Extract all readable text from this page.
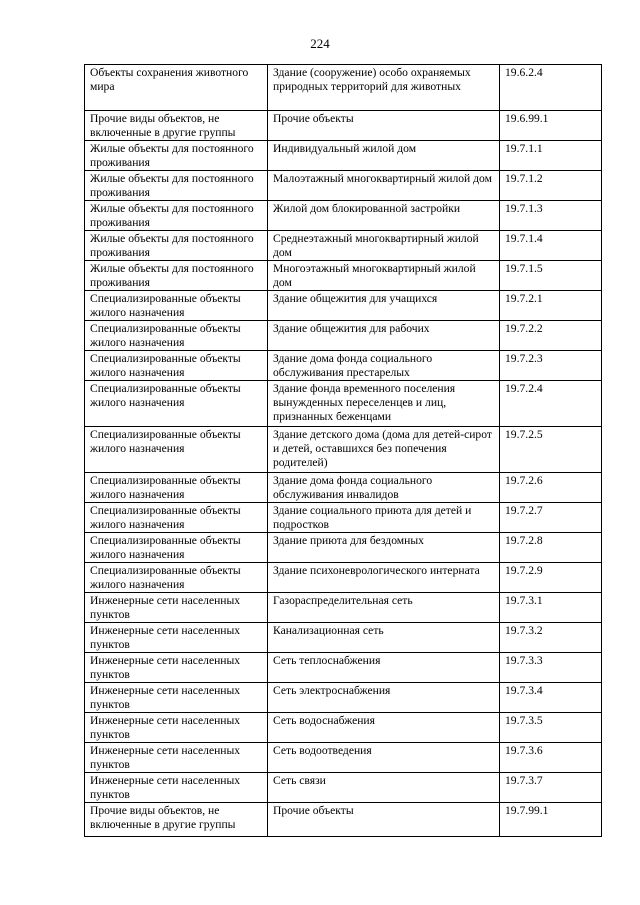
224
Объекты сохранения животного мира	Здание (сооружение) особо охраняемых природных территорий для животных	19.6.2.4
Прочие виды объектов, не включенные в другие группы	Прочие объекты	19.6.99.1
Жилые объекты для постоянного проживания	Индивидуальный жилой дом	19.7.1.1
Жилые объекты для постоянного проживания	Малоэтажный многоквартирный жилой дом	19.7.1.2
Жилые объекты для постоянного проживания	Жилой дом блокированной застройки	19.7.1.3
Жилые объекты для постоянного проживания	Среднеэтажный многоквартирный жилой дом	19.7.1.4
Жилые объекты для постоянного проживания	Многоэтажный многоквартирный жилой дом	19.7.1.5
Специализированные объекты жилого назначения	Здание общежития для учащихся	19.7.2.1
Специализированные объекты жилого назначения	Здание общежития для рабочих	19.7.2.2
Специализированные объекты жилого назначения	Здание дома фонда социального обслуживания престарелых	19.7.2.3
Специализированные объекты жилого назначения	Здание фонда временного поселения вынужденных переселенцев и лиц, признанных беженцами	19.7.2.4
Специализированные объекты жилого назначения	Здание детского дома (дома для детей-сирот и детей, оставшихся без попечения родителей)	19.7.2.5
Специализированные объекты жилого назначения	Здание дома фонда социального обслуживания инвалидов	19.7.2.6
Специализированные объекты жилого назначения	Здание социального приюта для детей и подростков	19.7.2.7
Специализированные объекты жилого назначения	Здание приюта для бездомных	19.7.2.8
Специализированные объекты жилого назначения	Здание психоневрологического интерната	19.7.2.9
Инженерные сети населенных пунктов	Газораспределительная сеть	19.7.3.1
Инженерные сети населенных пунктов	Канализационная сеть	19.7.3.2
Инженерные сети населенных пунктов	Сеть теплоснабжения	19.7.3.3
Инженерные сети населенных пунктов	Сеть электроснабжения	19.7.3.4
Инженерные сети населенных пунктов	Сеть водоснабжения	19.7.3.5
Инженерные сети населенных пунктов	Сеть водоотведения	19.7.3.6
Инженерные сети населенных пунктов	Сеть связи	19.7.3.7
Прочие виды объектов, не включенные в другие группы	Прочие объекты	19.7.99.1
